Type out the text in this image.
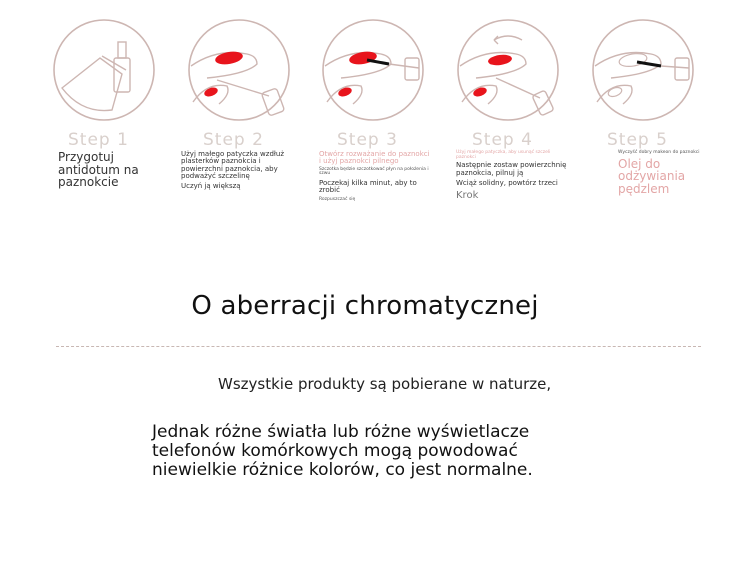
Step 1
Przygotuj antidotum na paznokcie
Step 2
Użyj małego patyczka wzdłuż plasterków paznokcia i powierzchni paznokcia, aby podważyć szczelinę
Uczyń ją większą
Step 3
Otwórz rozważanie do paznokci i użyj paznokci pilnego
Szczotka będzie szczotkować płyn na położenia i szwu
Poczekaj kilka minut, aby to zrobić
Rozpuszczać się
Step 4
Użyj małego patyczka, aby usunąć szczeli paznokci
Następnie zostaw powierzchnię paznokcia, pilnuj ją
Wciąż solidny, powtórz trzeci
Krok
Step 5
Wyczyść dobry makeon do paznokci
Olej do odżywiania pędzlem
O aberracji chromatycznej
Wszystkie produkty są pobierane w naturze,
Jednak różne światła lub różne wyświetlacze
telefonów komórkowych mogą powodować
niewielkie różnice kolorów, co jest normalne.
